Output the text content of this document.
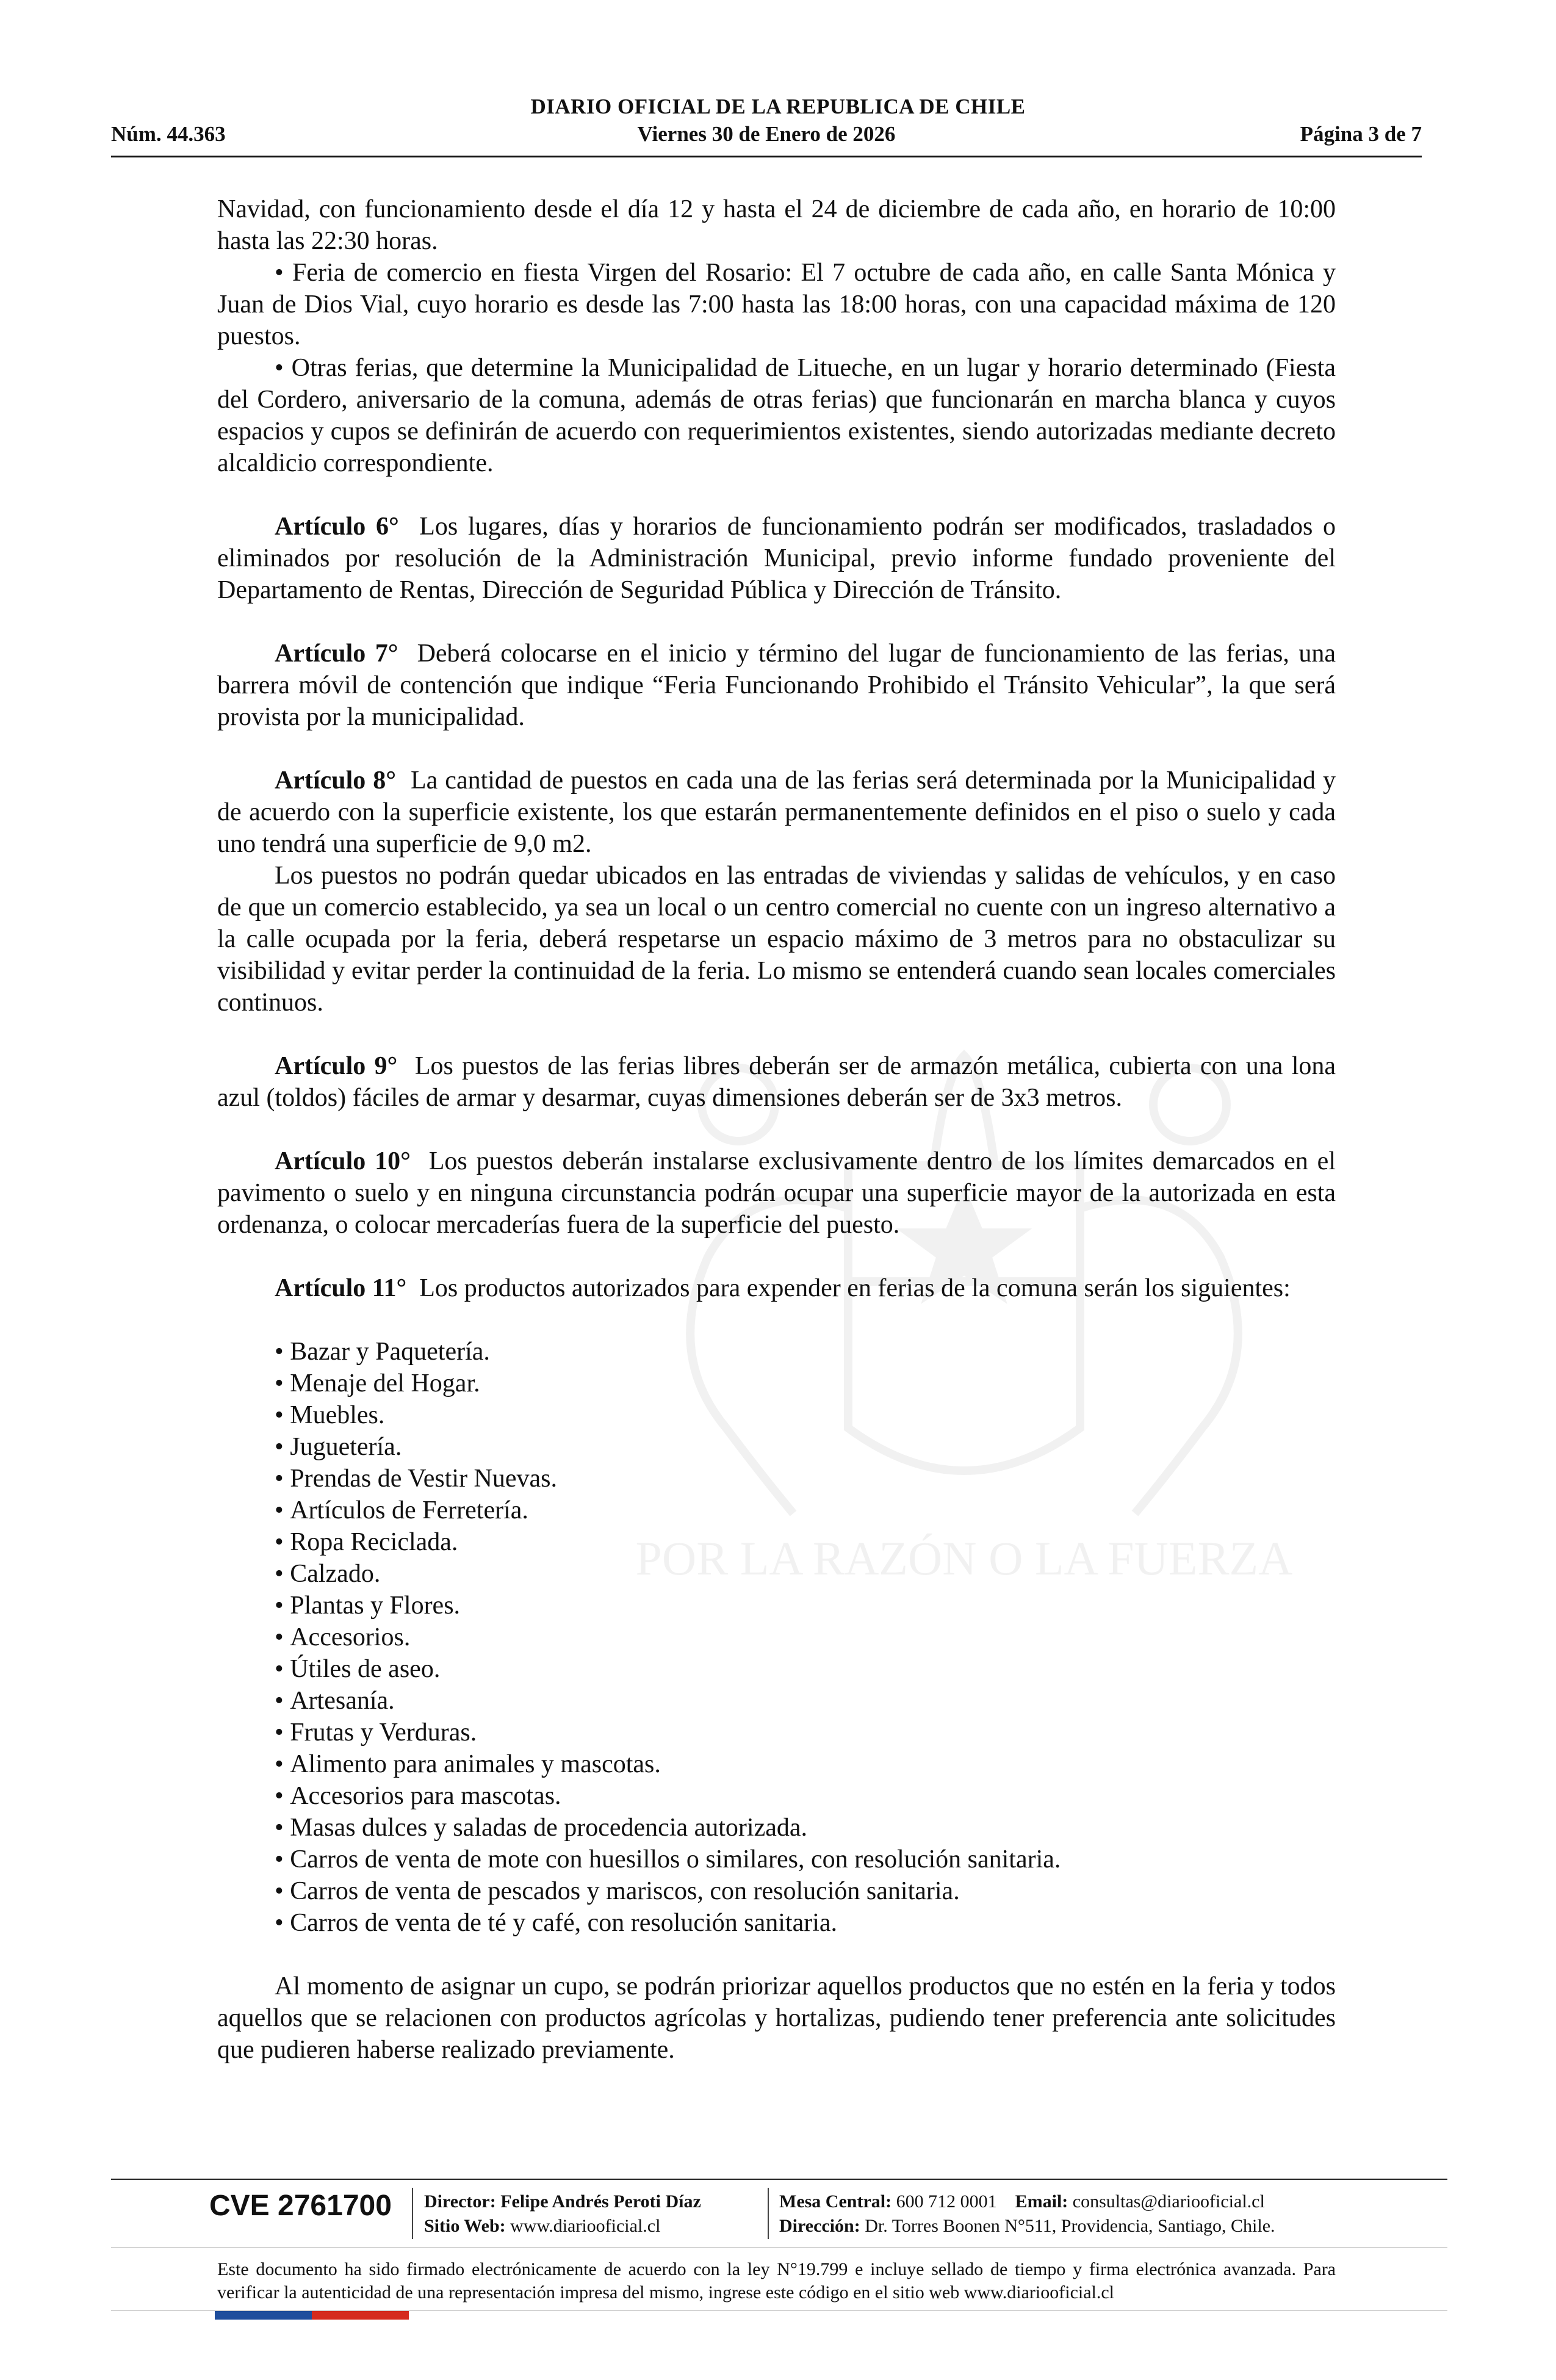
DIARIO OFICIAL DE LA REPUBLICA DE CHILE
Núm. 44.363	Viernes 30 de Enero de 2026	Página 3 de 7
POR LA RAZÓN O LA FUERZA

Navidad, con funcionamiento desde el día 12 y hasta el 24 de diciembre de cada año, en horario de 10:00 hasta las 22:30 horas.

• Feria de comercio en fiesta Virgen del Rosario: El 7 octubre de cada año, en calle Santa Mónica y Juan de Dios Vial, cuyo horario es desde las 7:00 hasta las 18:00 horas, con una capacidad máxima de 120 puestos.

• Otras ferias, que determine la Municipalidad de Litueche, en un lugar y horario determinado (Fiesta del Cordero, aniversario de la comuna, además de otras ferias) que funcionarán en marcha blanca y cuyos espacios y cupos se definirán de acuerdo con requerimientos existentes, siendo autorizadas mediante decreto alcaldicio correspondiente.

Artículo 6° Los lugares, días y horarios de funcionamiento podrán ser modificados, trasladados o eliminados por resolución de la Administración Municipal, previo informe fundado proveniente del Departamento de Rentas, Dirección de Seguridad Pública y Dirección de Tránsito.

Artículo 7° Deberá colocarse en el inicio y término del lugar de funcionamiento de las ferias, una barrera móvil de contención que indique “Feria Funcionando Prohibido el Tránsito Vehicular”, la que será provista por la municipalidad.

Artículo 8° La cantidad de puestos en cada una de las ferias será determinada por la Municipalidad y de acuerdo con la superficie existente, los que estarán permanentemente definidos en el piso o suelo y cada uno tendrá una superficie de 9,0 m2.

Los puestos no podrán quedar ubicados en las entradas de viviendas y salidas de vehículos, y en caso de que un comercio establecido, ya sea un local o un centro comercial no cuente con un ingreso alternativo a la calle ocupada por la feria, deberá respetarse un espacio máximo de 3 metros para no obstaculizar su visibilidad y evitar perder la continuidad de la feria. Lo mismo se entenderá cuando sean locales comerciales continuos.

Artículo 9° Los puestos de las ferias libres deberán ser de armazón metálica, cubierta con una lona azul (toldos) fáciles de armar y desarmar, cuyas dimensiones deberán ser de 3x3 metros.

Artículo 10° Los puestos deberán instalarse exclusivamente dentro de los límites demarcados en el pavimento o suelo y en ninguna circunstancia podrán ocupar una superficie mayor de la autorizada en esta ordenanza, o colocar mercaderías fuera de la superficie del puesto.

Artículo 11° Los productos autorizados para expender en ferias de la comuna serán los siguientes:

• Bazar y Paquetería.
• Menaje del Hogar.
• Muebles.
• Juguetería.
• Prendas de Vestir Nuevas.
• Artículos de Ferretería.
• Ropa Reciclada.
• Calzado.
• Plantas y Flores.
• Accesorios.
• Útiles de aseo.
• Artesanía.
• Frutas y Verduras.
• Alimento para animales y mascotas.
• Accesorios para mascotas.
• Masas dulces y saladas de procedencia autorizada.
• Carros de venta de mote con huesillos o similares, con resolución sanitaria.
• Carros de venta de pescados y mariscos, con resolución sanitaria.
• Carros de venta de té y café, con resolución sanitaria.

Al momento de asignar un cupo, se podrán priorizar aquellos productos que no estén en la feria y todos aquellos que se relacionen con productos agrícolas y hortalizas, pudiendo tener preferencia ante solicitudes que pudieren haberse realizado previamente.

CVE 2761700 Director: Felipe Andrés Peroti Díaz
Sitio Web: www.diariooficial.cl
Mesa Central: 600 712 0001 Email: consultas@diariooficial.cl
Dirección: Dr. Torres Boonen N°511, Providencia, Santiago, Chile.
Este documento ha sido firmado electrónicamente de acuerdo con la ley N°19.799 e incluye sellado de tiempo y firma electrónica avanzada. Para verificar la autenticidad de una representación impresa del mismo, ingrese este código en el sitio web www.diariooficial.cl
